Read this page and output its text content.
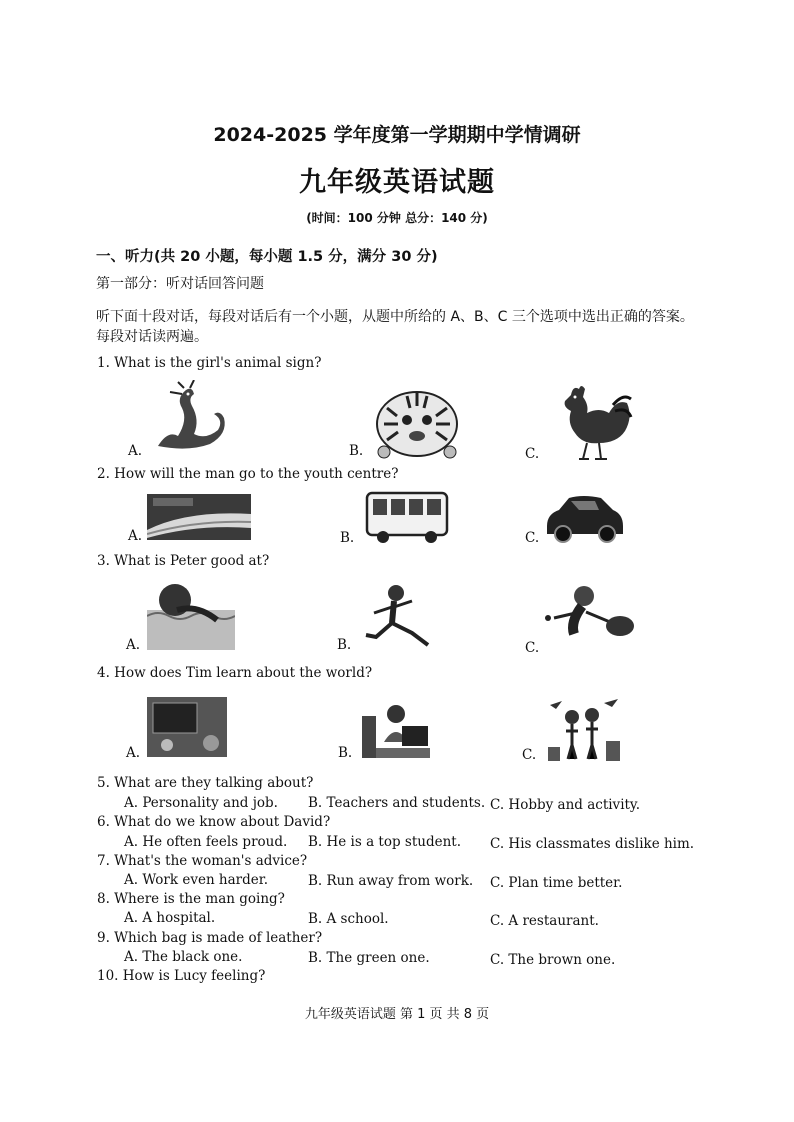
2024-2025 学年度第一学期期中学情调研
九年级英语试题
(时间：100 分钟 总分：140 分)
一、听力(共 20 小题，每小题 1.5 分，满分 30 分)
第一部分：听对话回答问题
听下面十段对话，每段对话后有一个小题，从题中所给的 A、B、C 三个选项中选出正确的答案。每段对话读两遍。
1. What is the girl's animal sign?
A.	B.	C.
2. How will the man go to the youth centre?
A.	B.	C.
3. What is Peter good at?
A.	B.	C.
4. How does Tim learn about the world?
A.	B.	C.
5. What are they talking about?
A. Personality and job. B. Teachers and students. C. Hobby and activity.
6. What do we know about David?
A. He often feels proud. B. He is a top student. C. His classmates dislike him.
7. What's the woman's advice?
A. Work even harder.	B. Run away from work. C. Plan time better.
8. Where is the man going?
A. A hospital.	B. A school.	C. A restaurant.
9. Which bag is made of leather?
A. The black one.	B. The green one.	C. The brown one.
10. How is Lucy feeling?
九年级英语试题 第 1 页 共 8 页
